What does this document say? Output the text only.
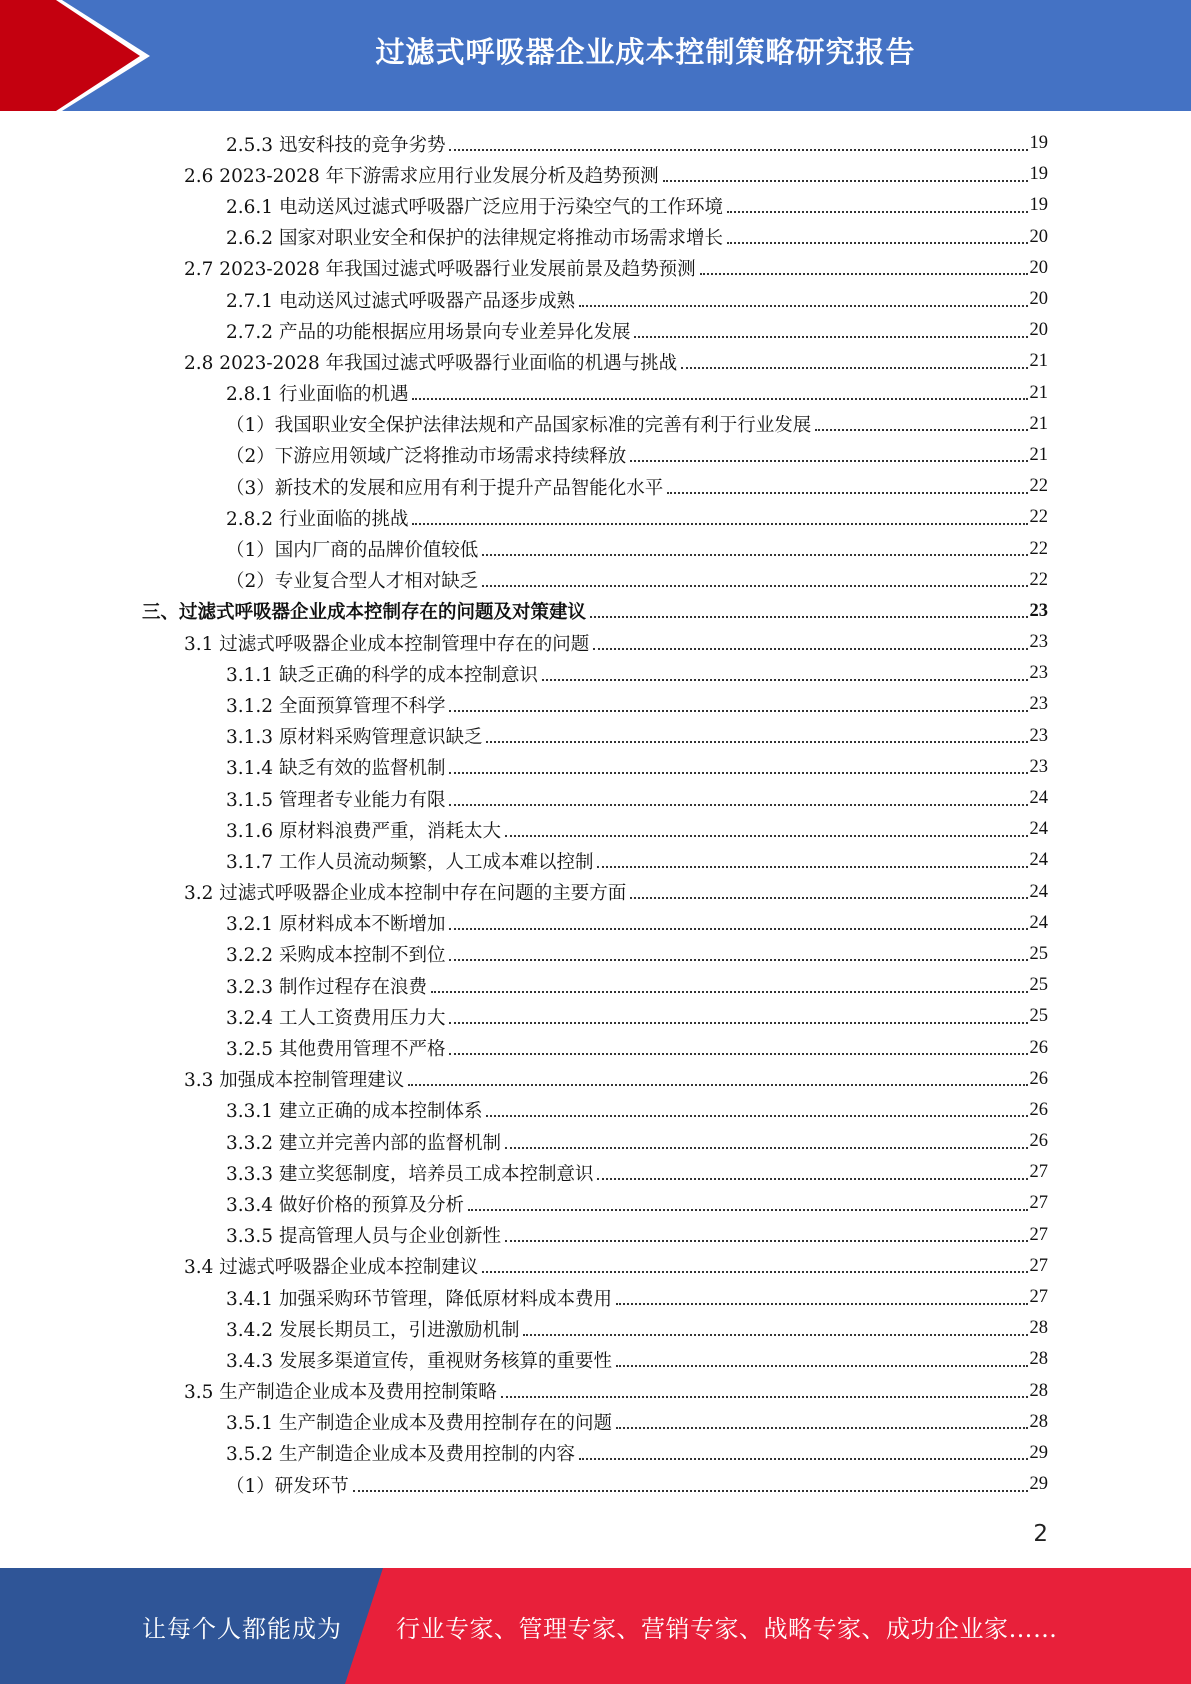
过滤式呼吸器企业成本控制策略研究报告
2.5.3 迅安科技的竞争劣势	19
2.6 2023-2028 年下游需求应用行业发展分析及趋势预测	19
2.6.1 电动送风过滤式呼吸器广泛应用于污染空气的工作环境	19
2.6.2 国家对职业安全和保护的法律规定将推动市场需求增长	20
2.7 2023-2028 年我国过滤式呼吸器行业发展前景及趋势预测	20
2.7.1 电动送风过滤式呼吸器产品逐步成熟	20
2.7.2 产品的功能根据应用场景向专业差异化发展	20
2.8 2023-2028 年我国过滤式呼吸器行业面临的机遇与挑战	21
2.8.1 行业面临的机遇	21
（1）我国职业安全保护法律法规和产品国家标准的完善有利于行业发展	21
（2）下游应用领域广泛将推动市场需求持续释放	21
（3）新技术的发展和应用有利于提升产品智能化水平	22
2.8.2 行业面临的挑战	22
（1）国内厂商的品牌价值较低	22
（2）专业复合型人才相对缺乏	22
三、过滤式呼吸器企业成本控制存在的问题及对策建议	23
3.1 过滤式呼吸器企业成本控制管理中存在的问题	23
3.1.1 缺乏正确的科学的成本控制意识	23
3.1.2 全面预算管理不科学	23
3.1.3 原材料采购管理意识缺乏	23
3.1.4 缺乏有效的监督机制	23
3.1.5 管理者专业能力有限	24
3.1.6 原材料浪费严重，消耗太大	24
3.1.7 工作人员流动频繁，人工成本难以控制	24
3.2 过滤式呼吸器企业成本控制中存在问题的主要方面	24
3.2.1 原材料成本不断增加	24
3.2.2 采购成本控制不到位	25
3.2.3 制作过程存在浪费	25
3.2.4 工人工资费用压力大	25
3.2.5 其他费用管理不严格	26
3.3 加强成本控制管理建议	26
3.3.1 建立正确的成本控制体系	26
3.3.2 建立并完善内部的监督机制	26
3.3.3 建立奖惩制度，培养员工成本控制意识	27
3.3.4 做好价格的预算及分析	27
3.3.5 提高管理人员与企业创新性	27
3.4 过滤式呼吸器企业成本控制建议	27
3.4.1 加强采购环节管理，降低原材料成本费用	27
3.4.2 发展长期员工，引进激励机制	28
3.4.3 发展多渠道宣传，重视财务核算的重要性	28
3.5 生产制造企业成本及费用控制策略	28
3.5.1 生产制造企业成本及费用控制存在的问题	28
3.5.2 生产制造企业成本及费用控制的内容	29
（1）研发环节	29
2
让每个人都能成为 行业专家、管理专家、营销专家、战略专家、成功企业家……
